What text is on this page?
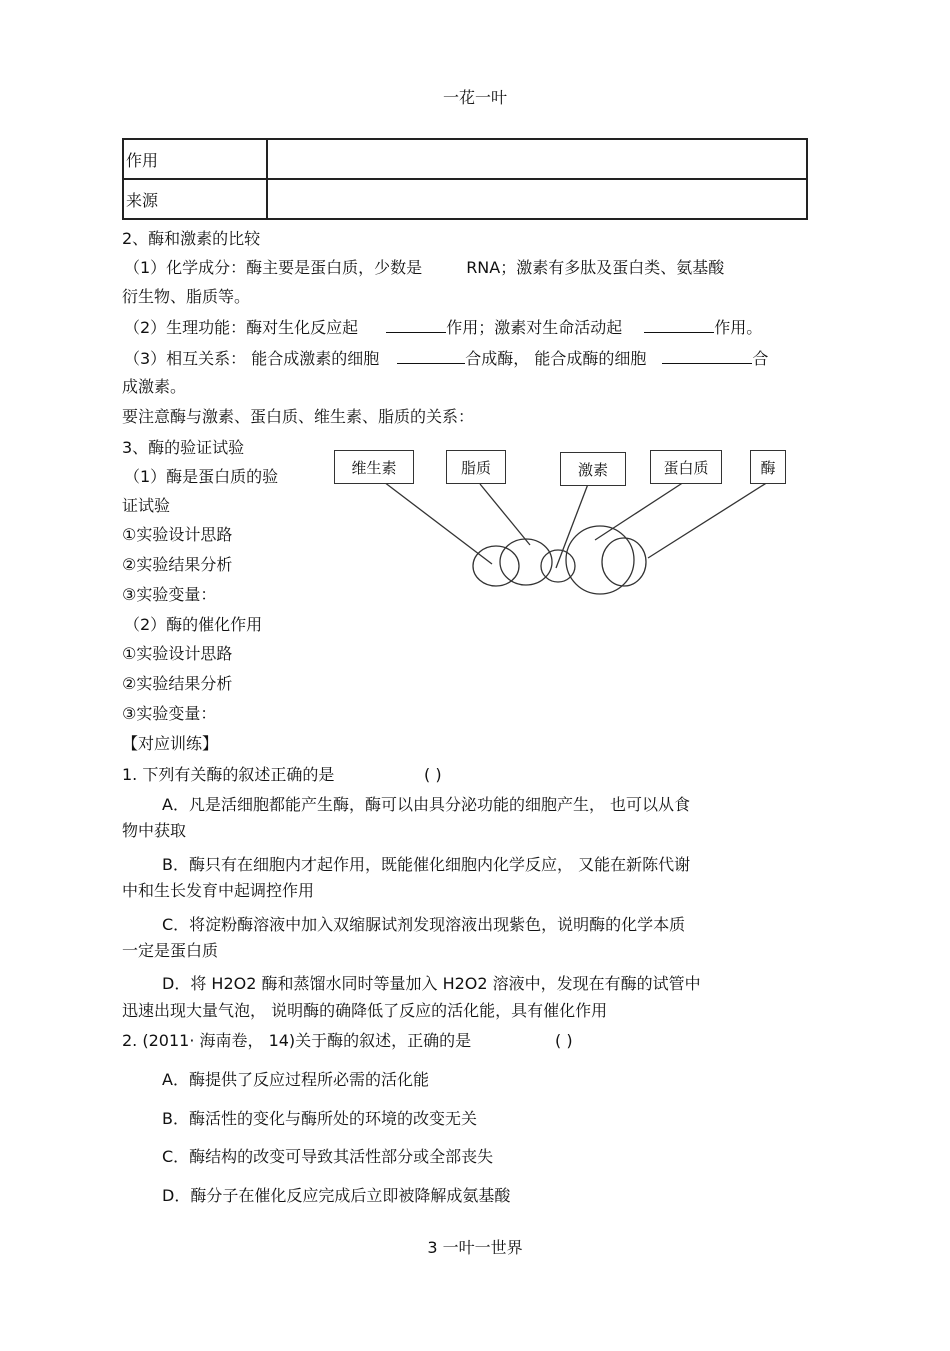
一花一叶
作用	
来源	
2、酶和激素的比较
（1）化学成分：酶主要是蛋白质，少数是	RNA；激素有多肽及蛋白类、氨基酸
衍生物、脂质等。
（2）生理功能：酶对生化反应起	作用；激素对生命活动起	作用。
（3）相互关系： 能合成激素的细胞	合成酶， 能合成酶的细胞	合
成激素。
要注意酶与激素、蛋白质、维生素、脂质的关系：
3、酶的验证试验
（1）酶是蛋白质的验
证试验
①实验设计思路
②实验结果分析
③实验变量：
（2）酶的催化作用
①实验设计思路
②实验结果分析
③实验变量：
维生素	脂质	激素	蛋白质	酶
【对应训练】
1. 下列有关酶的叙述正确的是	( )
A．凡是活细胞都能产生酶，酶可以由具分泌功能的细胞产生， 也可以从食
物中获取
B．酶只有在细胞内才起作用，既能催化细胞内化学反应， 又能在新陈代谢
中和生长发育中起调控作用
C．将淀粉酶溶液中加入双缩脲试剂发现溶液出现紫色，说明酶的化学本质
一定是蛋白质
D．将 H2O2 酶和蒸馏水同时等量加入 H2O2 溶液中，发现在有酶的试管中
迅速出现大量气泡， 说明酶的确降低了反应的活化能，具有催化作用
2. (2011· 海南卷， 14)关于酶的叙述，正确的是	( )
A．酶提供了反应过程所必需的活化能
B．酶活性的变化与酶所处的环境的改变无关
C．酶结构的改变可导致其活性部分或全部丧失
D．酶分子在催化反应完成后立即被降解成氨基酸
3 一叶一世界
